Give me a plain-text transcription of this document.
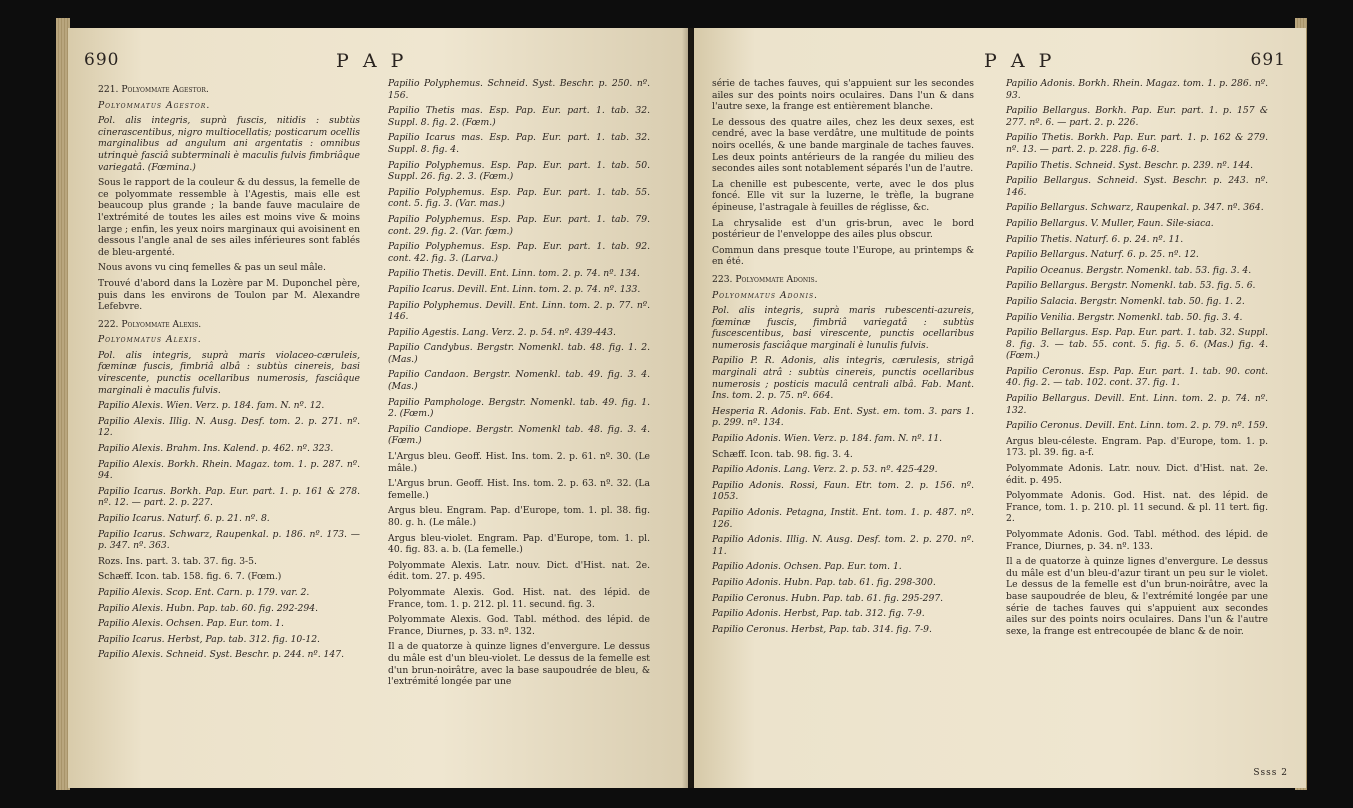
690	P A P

221. Polyommate Agestor.

Polyommatus Agestor.

Pol. alis integris, suprà fuscis, nitidis : subtùs cinerascentibus, nigro multiocellatis; posticarum ocellis marginalibus ad angulum ani argentatis : omnibus utrinquè fasciâ subterminali è maculis fulvis fimbriâque variegatâ. (Fœmina.)

Sous le rapport de la couleur & du dessus, la femelle de ce polyommate ressemble à l'Agestis, mais elle est beaucoup plus grande ; la bande fauve maculaire de l'extrémité de toutes les ailes est moins vive & moins large ; enfin, les yeux noirs marginaux qui avoisinent en dessous l'angle anal de ses ailes inférieures sont fablés de bleu-argenté.

Nous avons vu cinq femelles & pas un seul mâle.

Trouvé d'abord dans la Lozère par M. Duponchel père, puis dans les environs de Toulon par M. Alexandre Lefebvre.

222. Polyommate Alexis.

Polyommatus Alexis.

Pol. alis integris, suprà maris violaceo-cæruleis, fœminæ fuscis, fimbriâ albâ : subtùs cinereis, basi virescente, punctis ocellaribus numerosis, fasciâque marginali è maculis fulvis.

Papilio Alexis. Wien. Verz. p. 184. fam. N. nº. 12.

Papilio Alexis. Illig. N. Ausg. Desf. tom. 2. p. 271. nº. 12.

Papilio Alexis. Brahm. Ins. Kalend. p. 462. nº. 323.

Papilio Alexis. Borkh. Rhein. Magaz. tom. 1. p. 287. nº. 94.

Papilio Icarus. Borkh. Pap. Eur. part. 1. p. 161 & 278. nº. 12. — part. 2. p. 227.

Papilio Icarus. Naturf. 6. p. 21. nº. 8.

Papilio Icarus. Schwarz, Raupenkal. p. 186. nº. 173. — p. 347. nº. 363.

Rozs. Ins. part. 3. tab. 37. fig. 3-5.

Schæff. Icon. tab. 158. fig. 6. 7. (Fœm.)

Papilio Alexis. Scop. Ent. Carn. p. 179. var. 2.

Papilio Alexis. Hubn. Pap. tab. 60. fig. 292-294.

Papilio Alexis. Ochsen. Pap. Eur. tom. 1.

Papilio Icarus. Herbst, Pap. tab. 312. fig. 10-12.

Papilio Alexis. Schneid. Syst. Beschr. p. 244. nº. 147.

Papilio Polyphemus. Schneid. Syst. Beschr. p. 250. nº. 156.

Papilio Thetis mas. Esp. Pap. Eur. part. 1. tab. 32. Suppl. 8. fig. 2. (Fœm.)

Papilio Icarus mas. Esp. Pap. Eur. part. 1. tab. 32. Suppl. 8. fig. 4.

Papilio Polyphemus. Esp. Pap. Eur. part. 1. tab. 50. Suppl. 26. fig. 2. 3. (Fœm.)

Papilio Polyphemus. Esp. Pap. Eur. part. 1. tab. 55. cont. 5. fig. 3. (Var. mas.)

Papilio Polyphemus. Esp. Pap. Eur. part. 1. tab. 79. cont. 29. fig. 2. (Var. fœm.)

Papilio Polyphemus. Esp. Pap. Eur. part. 1. tab. 92. cont. 42. fig. 3. (Larva.)

Papilio Thetis. Devill. Ent. Linn. tom. 2. p. 74. nº. 134.

Papilio Icarus. Devill. Ent. Linn. tom. 2. p. 74. nº. 133.

Papilio Polyphemus. Devill. Ent. Linn. tom. 2. p. 77. nº. 146.

Papilio Agestis. Lang. Verz. 2. p. 54. nº. 439-443.

Papilio Candybus. Bergstr. Nomenkl. tab. 48. fig. 1. 2. (Mas.)

Papilio Candaon. Bergstr. Nomenkl. tab. 49. fig. 3. 4. (Mas.)

Papilio Pamphologe. Bergstr. Nomenkl. tab. 49. fig. 1. 2. (Fœm.)

Papilio Candiope. Bergstr. Nomenkl tab. 48. fig. 3. 4. (Fœm.)

L'Argus bleu. Geoff. Hist. Ins. tom. 2. p. 61. nº. 30. (Le mâle.)

L'Argus brun. Geoff. Hist. Ins. tom. 2. p. 63. nº. 32. (La femelle.)

Argus bleu. Engram. Pap. d'Europe, tom. 1. pl. 38. fig. 80. g. h. (Le mâle.)

Argus bleu-violet. Engram. Pap. d'Europe, tom. 1. pl. 40. fig. 83. a. b. (La femelle.)

Polyommate Alexis. Latr. nouv. Dict. d'Hist. nat. 2e. édit. tom. 27. p. 495.

Polyommate Alexis. God. Hist. nat. des lépid. de France, tom. 1. p. 212. pl. 11. secund. fig. 3.

Polyommate Alexis. God. Tabl. méthod. des lépid. de France, Diurnes, p. 33. nº. 132.

Il a de quatorze à quinze lignes d'envergure. Le dessus du mâle est d'un bleu-violet. Le dessus de la femelle est d'un brun-noirâtre, avec la base saupoudrée de bleu, & l'extrémité longée par une

P A P	691

série de taches fauves, qui s'appuient sur les secondes ailes sur des points noirs oculaires. Dans l'un & dans l'autre sexe, la frange est entièrement blanche.

Le dessous des quatre ailes, chez les deux sexes, est cendré, avec la base verdâtre, une multitude de points noirs ocellés, & une bande marginale de taches fauves. Les deux points antérieurs de la rangée du milieu des secondes ailes sont notablement séparés l'un de l'autre.

La chenille est pubescente, verte, avec le dos plus foncé. Elle vit sur la luzerne, le trèfle, la bugrane épineuse, l'astragale à feuilles de réglisse, &c.

La chrysalide est d'un gris-brun, avec le bord postérieur de l'enveloppe des ailes plus obscur.

Commun dans presque toute l'Europe, au printemps & en été.

223. Polyommate Adonis.

Polyommatus Adonis.

Pol. alis integris, suprà maris rubescenti-azureis, fœminæ fuscis, fimbriâ variegatâ : subtùs fuscescentibus, basi virescente, punctis ocellaribus numerosis fasciâque marginali è lunulis fulvis.

Papilio P. R. Adonis, alis integris, cærulesis, strigâ marginali atrâ : subtùs cinereis, punctis ocellaribus numerosis ; posticis maculâ centrali albâ. Fab. Mant. Ins. tom. 2. p. 75. nº. 664.

Hesperia R. Adonis. Fab. Ent. Syst. em. tom. 3. pars 1. p. 299. nº. 134.

Papilio Adonis. Wien. Verz. p. 184. fam. N. nº. 11.

Schæff. Icon. tab. 98. fig. 3. 4.

Papilio Adonis. Lang. Verz. 2. p. 53. nº. 425-429.

Papilio Adonis. Rossi, Faun. Etr. tom. 2. p. 156. nº. 1053.

Papilio Adonis. Petagna, Instit. Ent. tom. 1. p. 487. nº. 126.

Papilio Adonis. Illig. N. Ausg. Desf. tom. 2. p. 270. nº. 11.

Papilio Adonis. Ochsen. Pap. Eur. tom. 1.

Papilio Adonis. Hubn. Pap. tab. 61. fig. 298-300.

Papilio Ceronus. Hubn. Pap. tab. 61. fig. 295-297.

Papilio Adonis. Herbst, Pap. tab. 312. fig. 7-9.

Papilio Ceronus. Herbst, Pap. tab. 314. fig. 7-9.

Papilio Adonis. Borkh. Rhein. Magaz. tom. 1. p. 286. nº. 93.

Papilio Bellargus. Borkh. Pap. Eur. part. 1. p. 157 & 277. nº. 6. — part. 2. p. 226.

Papilio Thetis. Borkh. Pap. Eur. part. 1. p. 162 & 279. nº. 13. — part. 2. p. 228. fig. 6-8.

Papilio Thetis. Schneid. Syst. Beschr. p. 239. nº. 144.

Papilio Bellargus. Schneid. Syst. Beschr. p. 243. nº. 146.

Papilio Bellargus. Schwarz, Raupenkal. p. 347. nº. 364.

Papilio Bellargus. V. Muller, Faun. Sile-siaca.

Papilio Thetis. Naturf. 6. p. 24. nº. 11.

Papilio Bellargus. Naturf. 6. p. 25. nº. 12.

Papilio Oceanus. Bergstr. Nomenkl. tab. 53. fig. 3. 4.

Papilio Bellargus. Bergstr. Nomenkl. tab. 53. fig. 5. 6.

Papilio Salacia. Bergstr. Nomenkl. tab. 50. fig. 1. 2.

Papilio Venilia. Bergstr. Nomenkl. tab. 50. fig. 3. 4.

Papilio Bellargus. Esp. Pap. Eur. part. 1. tab. 32. Suppl. 8. fig. 3. — tab. 55. cont. 5. fig. 5. 6. (Mas.) fig. 4. (Fœm.)

Papilio Ceronus. Esp. Pap. Eur. part. 1. tab. 90. cont. 40. fig. 2. — tab. 102. cont. 37. fig. 1.

Papilio Bellargus. Devill. Ent. Linn. tom. 2. p. 74. nº. 132.

Papilio Ceronus. Devill. Ent. Linn. tom. 2. p. 79. nº. 159.

Argus bleu-céleste. Engram. Pap. d'Europe, tom. 1. p. 173. pl. 39. fig. a-f.

Polyommate Adonis. Latr. nouv. Dict. d'Hist. nat. 2e. édit. p. 495.

Polyommate Adonis. God. Hist. nat. des lépid. de France, tom. 1. p. 210. pl. 11 secund. & pl. 11 tert. fig. 2.

Polyommate Adonis. God. Tabl. méthod. des lépid. de France, Diurnes, p. 34. nº. 133.

Il a de quatorze à quinze lignes d'envergure. Le dessus du mâle est d'un bleu-d'azur tirant un peu sur le violet. Le dessus de la femelle est d'un brun-noirâtre, avec la base saupoudrée de bleu, & l'extrémité longée par une série de taches fauves qui s'appuient aux secondes ailes sur des points noirs oculaires. Dans l'un & l'autre sexe, la frange est entrecoupée de blanc & de noir.

Ssss 2
